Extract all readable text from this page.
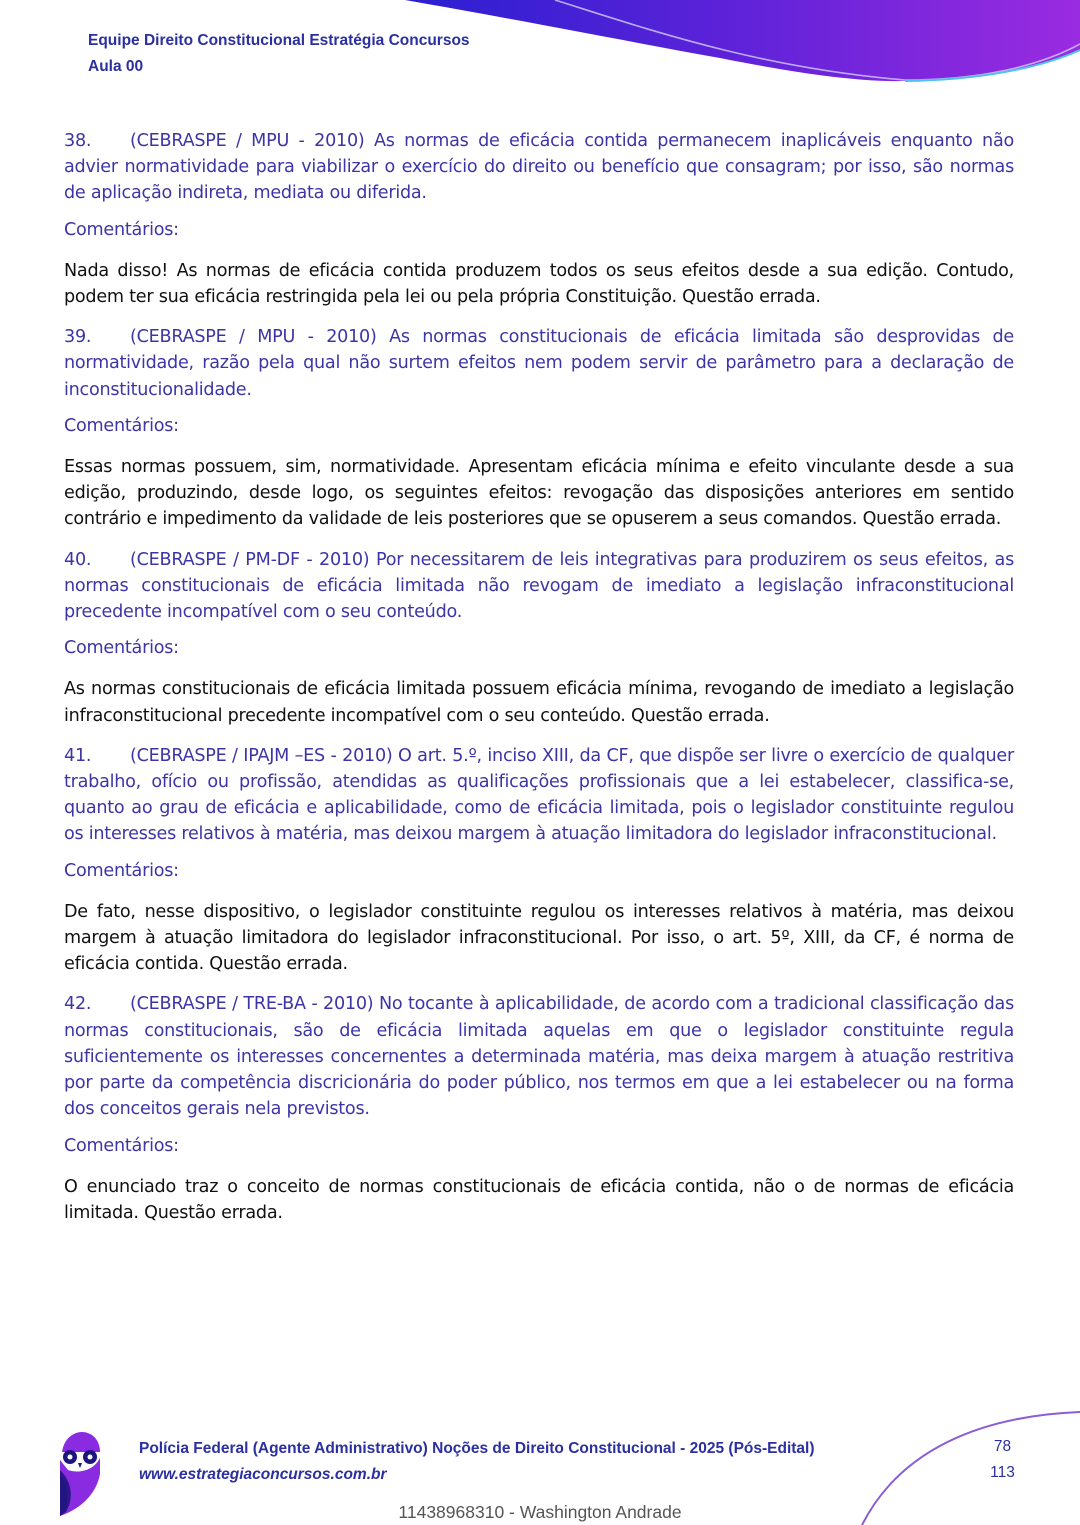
Equipe Direito Constitucional Estratégia Concursos
Aula 00

38. (CEBRASPE / MPU - 2010) As normas de eficácia contida permanecem inaplicáveis enquanto não advier normatividade para viabilizar o exercício do direito ou benefício que consagram; por isso, são normas de aplicação indireta, mediata ou diferida.

Comentários:

Nada disso! As normas de eficácia contida produzem todos os seus efeitos desde a sua edição. Contudo, podem ter sua eficácia restringida pela lei ou pela própria Constituição. Questão errada.

39. (CEBRASPE / MPU - 2010) As normas constitucionais de eficácia limitada são desprovidas de normatividade, razão pela qual não surtem efeitos nem podem servir de parâmetro para a declaração de inconstitucionalidade.

Comentários:

Essas normas possuem, sim, normatividade. Apresentam eficácia mínima e efeito vinculante desde a sua edição, produzindo, desde logo, os seguintes efeitos: revogação das disposições anteriores em sentido contrário e impedimento da validade de leis posteriores que se opuserem a seus comandos. Questão errada.

40. (CEBRASPE / PM-DF - 2010) Por necessitarem de leis integrativas para produzirem os seus efeitos, as normas constitucionais de eficácia limitada não revogam de imediato a legislação infraconstitucional precedente incompatível com o seu conteúdo.

Comentários:

As normas constitucionais de eficácia limitada possuem eficácia mínima, revogando de imediato a legislação infraconstitucional precedente incompatível com o seu conteúdo. Questão errada.

41. (CEBRASPE / IPAJM –ES - 2010) O art. 5.º, inciso XIII, da CF, que dispõe ser livre o exercício de qualquer trabalho, ofício ou profissão, atendidas as qualificações profissionais que a lei estabelecer, classifica-se, quanto ao grau de eficácia e aplicabilidade, como de eficácia limitada, pois o legislador constituinte regulou os interesses relativos à matéria, mas deixou margem à atuação limitadora do legislador infraconstitucional.

Comentários:

De fato, nesse dispositivo, o legislador constituinte regulou os interesses relativos à matéria, mas deixou margem à atuação limitadora do legislador infraconstitucional. Por isso, o art. 5º, XIII, da CF, é norma de eficácia contida. Questão errada.

42. (CEBRASPE / TRE-BA - 2010) No tocante à aplicabilidade, de acordo com a tradicional classificação das normas constitucionais, são de eficácia limitada aquelas em que o legislador constituinte regula suficientemente os interesses concernentes a determinada matéria, mas deixa margem à atuação restritiva por parte da competência discricionária do poder público, nos termos em que a lei estabelecer ou na forma dos conceitos gerais nela previstos.

Comentários:

O enunciado traz o conceito de normas constitucionais de eficácia contida, não o de normas de eficácia limitada. Questão errada.

Polícia Federal (Agente Administrativo) Noções de Direito Constitucional - 2025 (Pós-Edital)
www.estrategiaconcursos.com.br
78
113
11438968310 - Washington Andrade
